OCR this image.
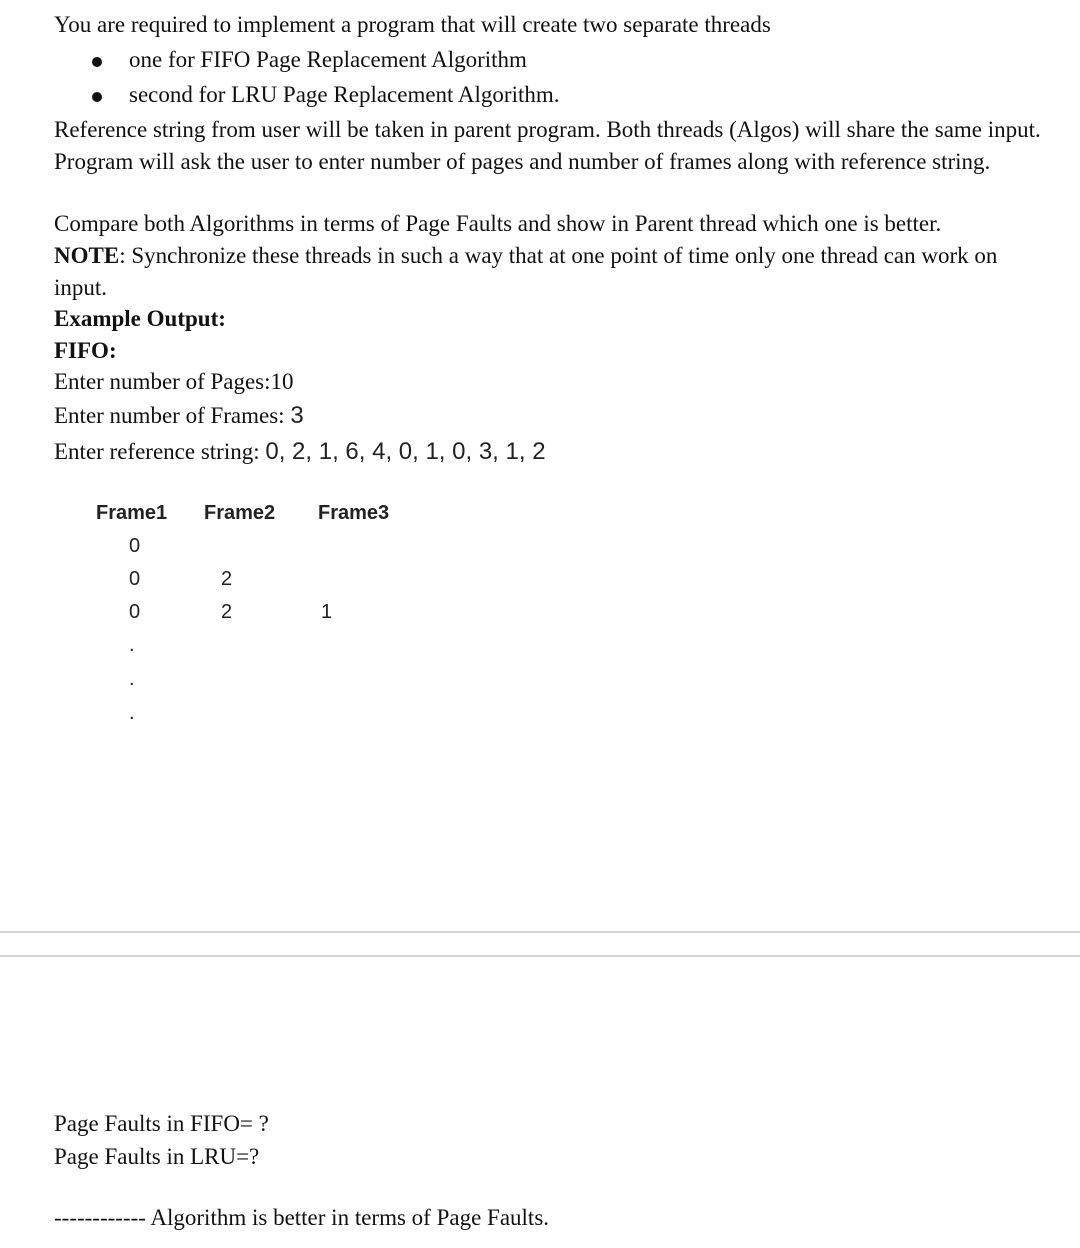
You are required to implement a program that will create two separate threads
one for FIFO Page Replacement Algorithm
second for LRU Page Replacement Algorithm.
Reference string from user will be taken in parent program. Both threads (Algos) will share the same input. Program will ask the user to enter number of pages and number of frames along with reference string.
Compare both Algorithms in terms of Page Faults and show in Parent thread which one is better.
NOTE: Synchronize these threads in such a way that at one point of time only one thread can work on input.
Example Output:
FIFO:
Enter number of Pages:10
Enter number of Frames: 3
Enter reference string: 0, 2, 1, 6, 4, 0, 1, 0, 3, 1, 2
Frame1 Frame2 Frame3
0
0	2
0	2	1
.
.
.
Page Faults in FIFO= ?
Page Faults in LRU=?
------------ Algorithm is better in terms of Page Faults.
